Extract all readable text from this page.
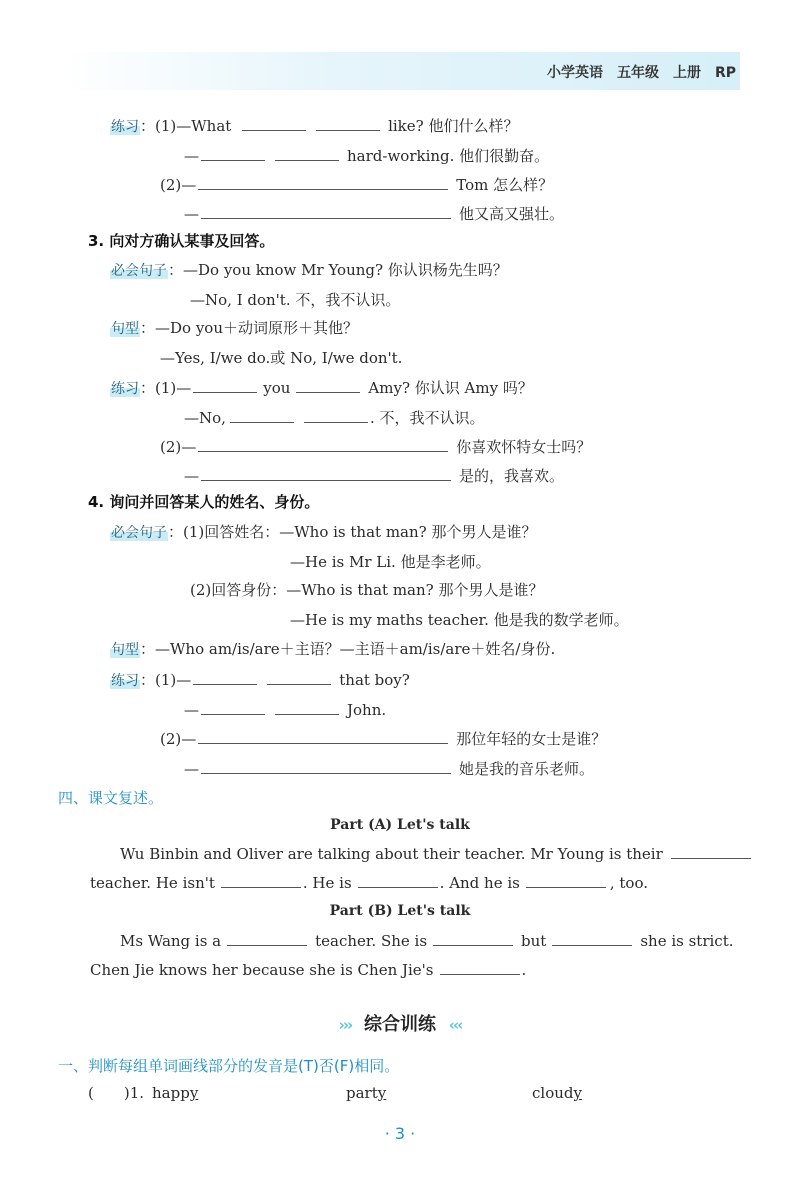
小学英语　五年级　上册　RP
练习：(1)—What	like? 他们什么样？
—	hard-working. 他们很勤奋。
(2)—	Tom 怎么样？
—	他又高又强壮。
3. 向对方确认某事及回答。
必会句子：—Do you know Mr Young? 你认识杨先生吗？
—No, I don't. 不，我不认识。
句型：—Do you＋动词原形＋其他？
—Yes, I/we do.或 No, I/we don't.
练习：(1)—	you	Amy? 你认识 Amy 吗？
—No,	. 不，我不认识。
(2)—	你喜欢怀特女士吗？
—	是的，我喜欢。
4. 询问并回答某人的姓名、身份。
必会句子：(1)回答姓名：—Who is that man? 那个男人是谁？
—He is Mr Li. 他是李老师。
(2)回答身份：—Who is that man? 那个男人是谁？
—He is my maths teacher. 他是我的数学老师。
句型：—Who am/is/are＋主语？—主语＋am/is/are＋姓名/身份.
练习：(1)—	that boy?
—	John.
(2)—	那位年轻的女士是谁？
—	她是我的音乐老师。
四、课文复述。
Part (A) Let's talk
Wu Binbin and Oliver are talking about their teacher. Mr Young is their
teacher. He isn't	. He is	. And he is	, too.
Part (B) Let's talk
Ms Wang is a	teacher. She is	but	she is strict.
Chen Jie knows her because she is Chen Jie's	.
››› 综合训练 ‹‹‹
一、判断每组单词画线部分的发音是(T)否(F)相同。
(　　)1. happy	party	cloudy
· 3 ·
